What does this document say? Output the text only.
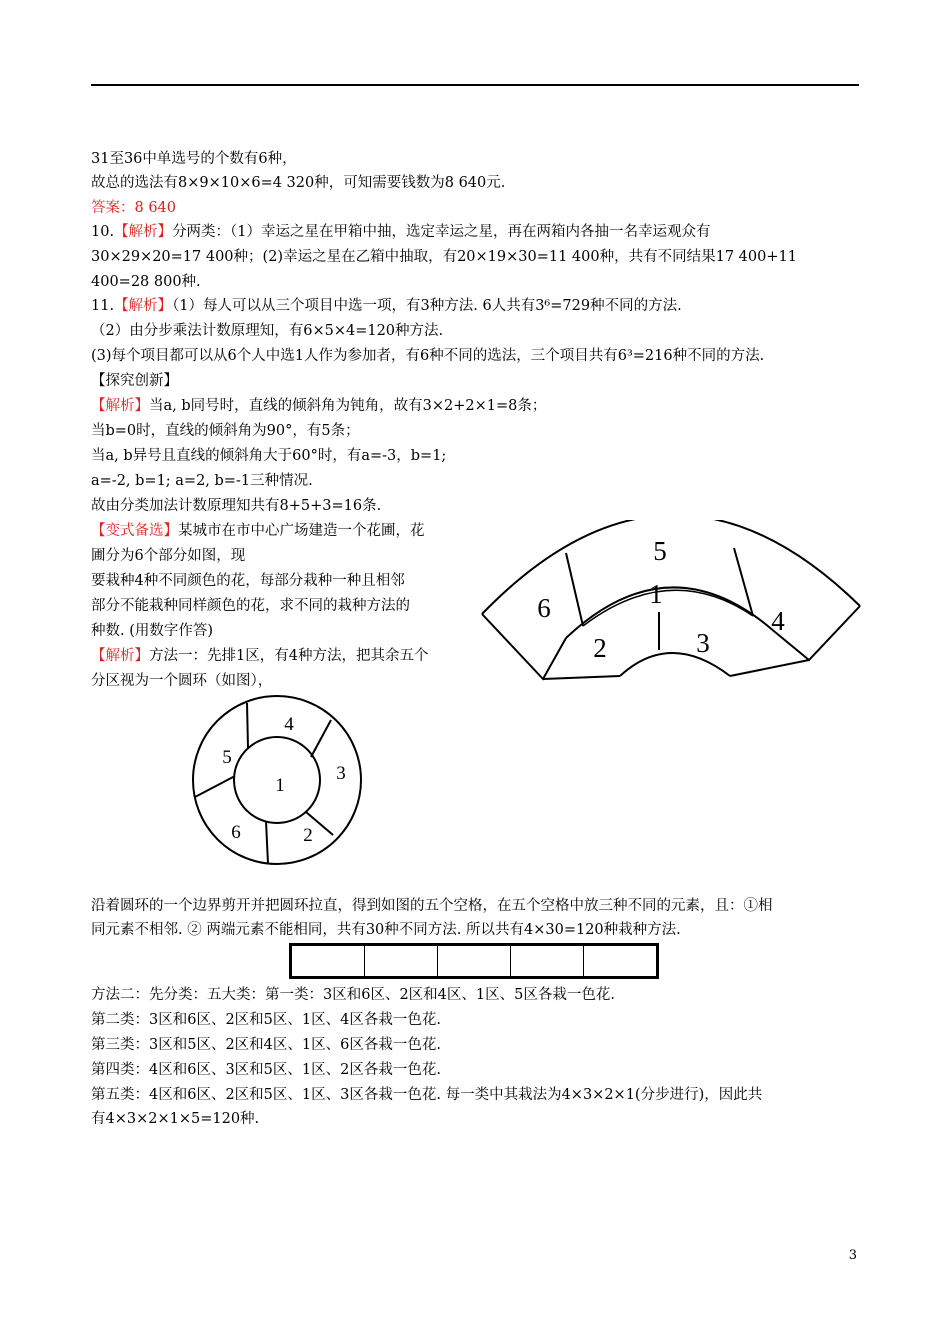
31至36中单选号的个数有6种，
故总的选法有8×9×10×6=4 320种，可知需要钱数为8 640元.
答案：8 640
10.【解析】分两类：（1）幸运之星在甲箱中抽，选定幸运之星，再在两箱内各抽一名幸运观众有
30×29×20=17 400种；(2)幸运之星在乙箱中抽取，有20×19×30=11 400种，共有不同结果17 400+11
400=28 800种.
11.【解析】（1）每人可以从三个项目中选一项，有3种方法. 6人共有3⁶=729种不同的方法.
（2）由分步乘法计数原理知，有6×5×4=120种方法.
(3)每个项目都可以从6个人中选1人作为参加者，有6种不同的选法，三个项目共有6³=216种不同的方法.
【探究创新】
【解析】当a, b同号时，直线的倾斜角为钝角，故有3×2+2×1=8条；
当b=0时，直线的倾斜角为90°，有5条；
当a, b异号且直线的倾斜角大于60°时，有a=-3，b=1;
a=-2, b=1; a=2, b=-1三种情况.
故由分类加法计数原理知共有8+5+3=16条.
【变式备选】某城市在市中心广场建造一个花圃，花
圃分为6个部分如图，现
要栽种4种不同颜色的花，每部分栽种一种且相邻
部分不能栽种同样颜色的花，求不同的栽种方法的
种数. (用数字作答)
【解析】方法一：先排1区，有4种方法，把其余五个
分区视为一个圆环（如图），
1
2	3
4
5
6
1
2
3
4
5
6
沿着圆环的一个边界剪开并把圆环拉直，得到如图的五个空格，在五个空格中放三种不同的元素，且：①相
同元素不相邻. ② 两端元素不能相同，共有30种不同方法. 所以共有4×30=120种栽种方法.
方法二：先分类：五大类：第一类：3区和6区、2区和4区、1区、5区各栽一色花.
第二类：3区和6区、2区和5区、1区、4区各栽一色花.
第三类：3区和5区、2区和4区、1区、6区各栽一色花.
第四类：4区和6区、3区和5区、1区、2区各栽一色花.
第五类：4区和6区、2区和5区、1区、3区各栽一色花. 每一类中其栽法为4×3×2×1(分步进行)，因此共
有4×3×2×1×5=120种.
3
